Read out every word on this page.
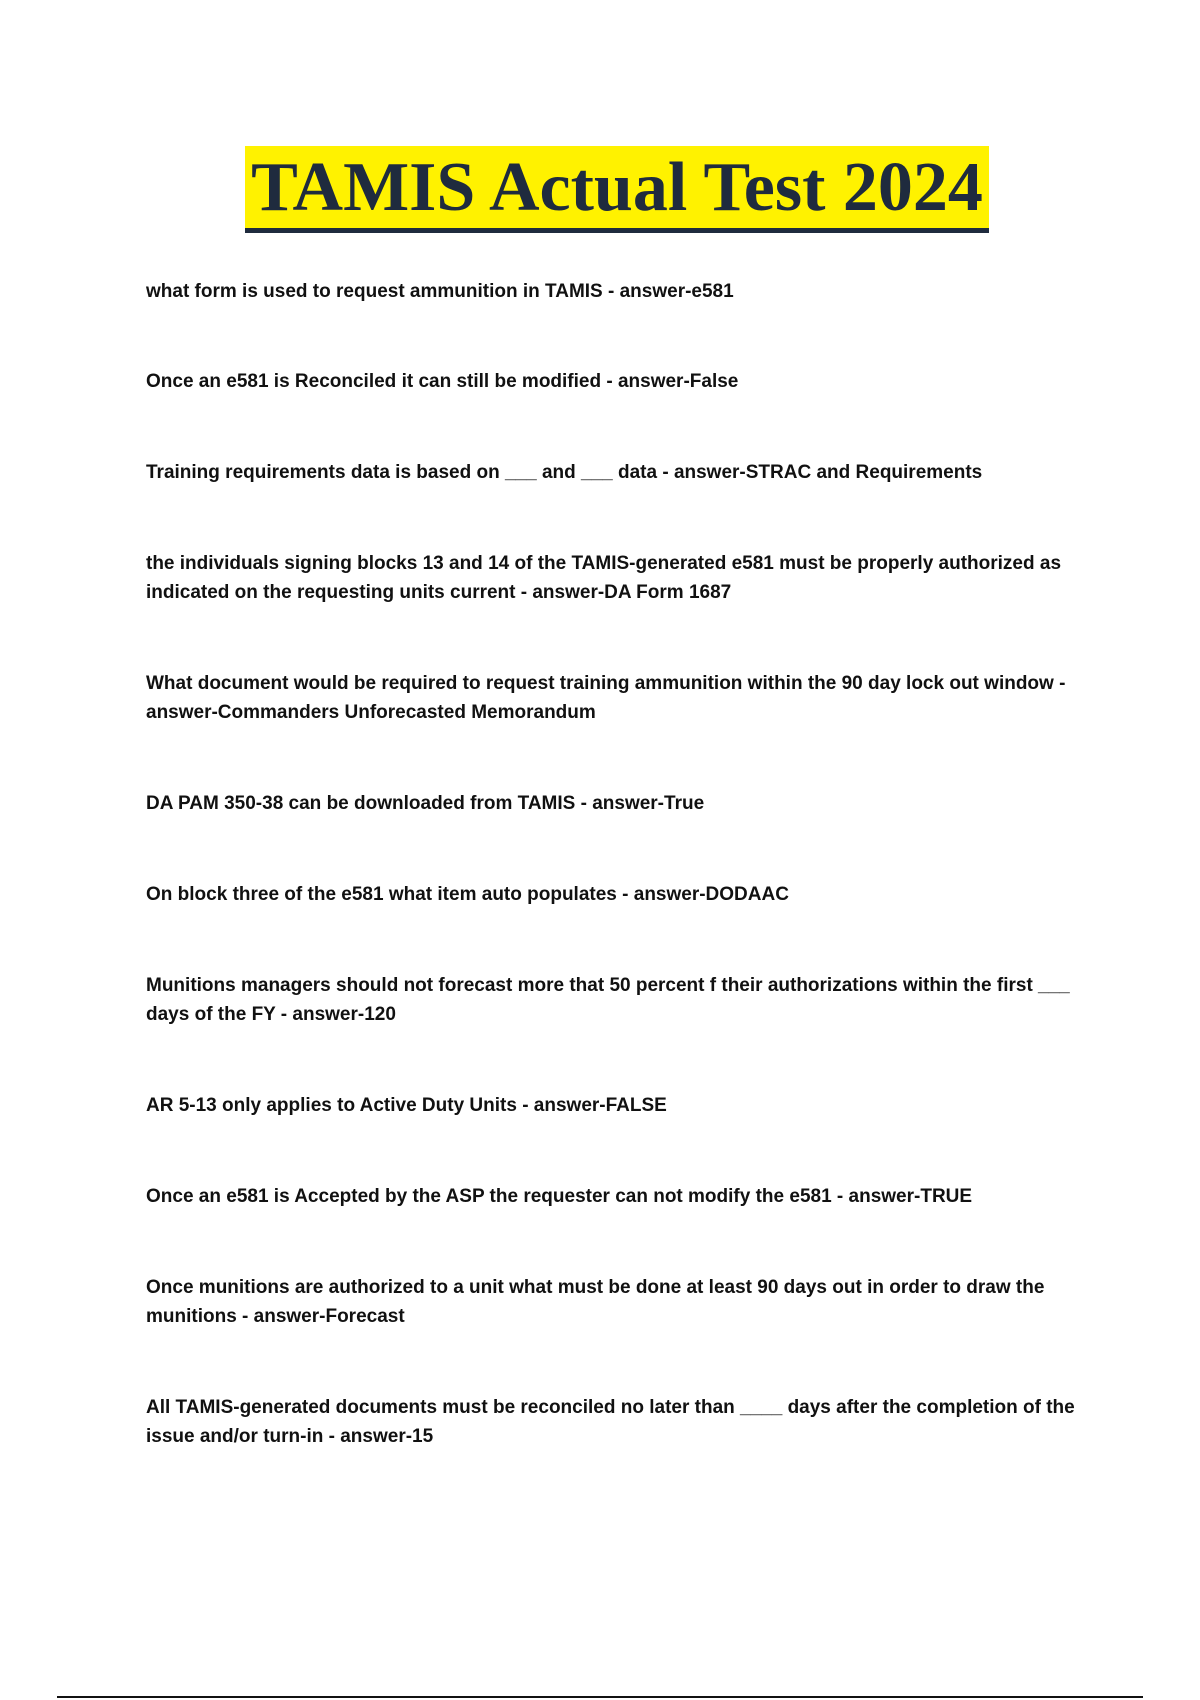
TAMIS Actual Test 2024
what form is used to request ammunition in TAMIS - answer-e581
Once an e581 is Reconciled it can still be modified - answer-False
Training requirements data is based on ___ and ___ data - answer-STRAC and Requirements
the individuals signing blocks 13 and 14 of the TAMIS-generated e581 must be properly authorized as indicated on the requesting units current - answer-DA Form 1687
What document would be required to request training ammunition within the 90 day lock out window - answer-Commanders Unforecasted Memorandum
DA PAM 350-38 can be downloaded from TAMIS - answer-True
On block three of the e581 what item auto populates - answer-DODAAC
Munitions managers should not forecast more that 50 percent f their authorizations within the first ___ days of the FY - answer-120
AR 5-13 only applies to Active Duty Units - answer-FALSE
Once an e581 is Accepted by the ASP the requester can not modify the e581 - answer-TRUE
Once munitions are authorized to a unit what must be done at least 90 days out in order to draw the munitions - answer-Forecast
All TAMIS-generated documents must be reconciled no later than ____ days after the completion of the issue and/or turn-in - answer-15
